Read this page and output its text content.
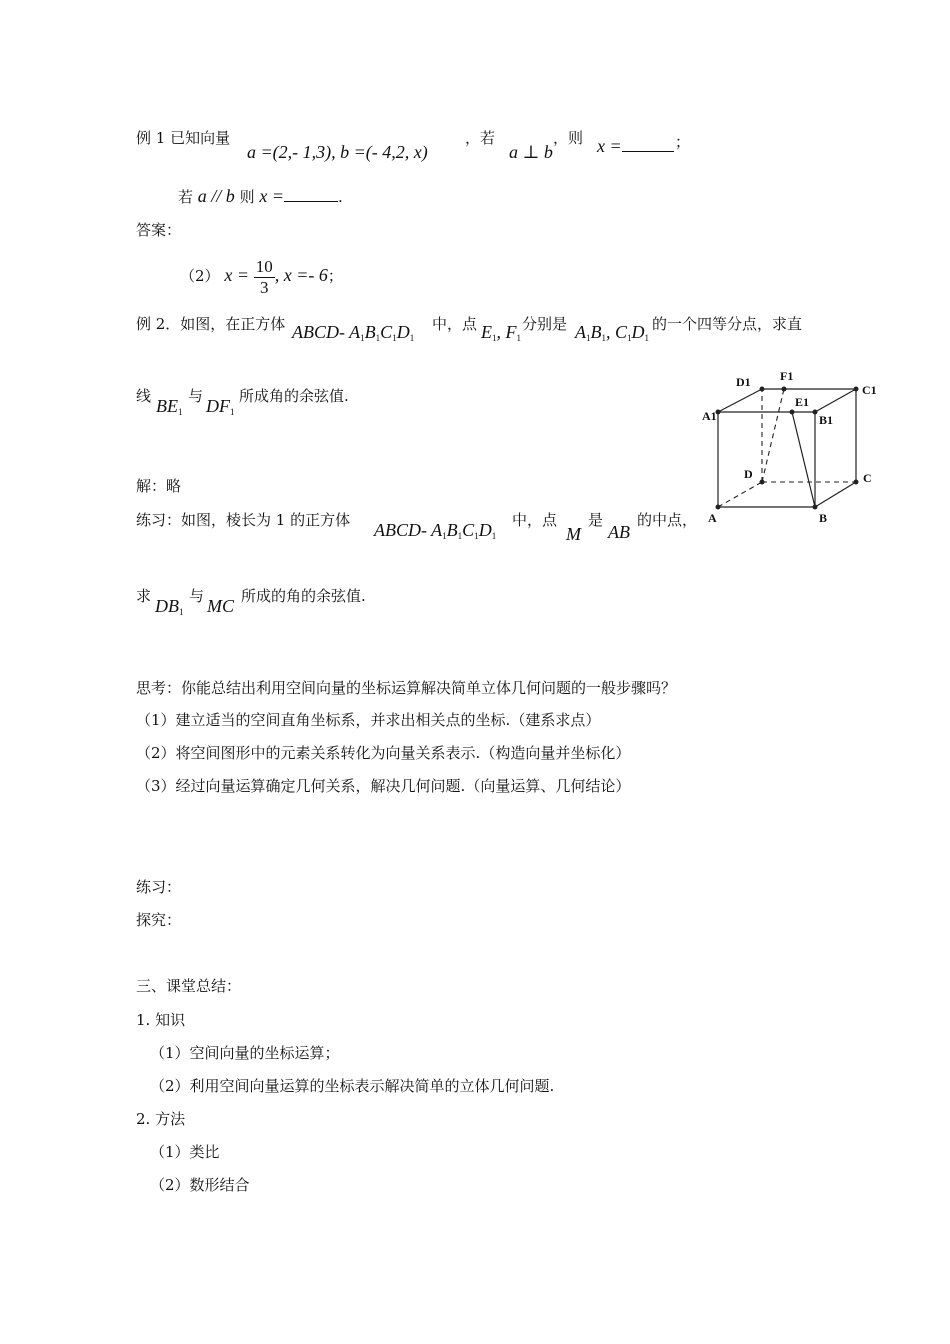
例 1 已知向量
a =(2,- 1,3), b =(- 4,2, x)
，若
a ⊥ b
，则 x =	；
若 a // b 则 x =	.
答案：
（2） $x = \frac{10}{3}$ , x =- 6；
例 2．如图，在正方体 ABCD- $A_1B_1C_1D_1$
中，点 $E_1$, $F_1$
分别是 $A_1B_1$, $C_1D_1$
的一个四等分点，求直
线 $BE_1$
与 $DF_1$
所成角的余弦值.
解：略
练习：如图，棱长为 1 的正方体 ABCD- $A_1B_1C_1D_1$
中，点
M
是
AB
的中点，
求 $DB_1$
与 MC 所成的角的余弦值.
思考：你能总结出利用空间向量的坐标运算解决简单立体几何问题的一般步骤吗？
（1）建立适当的空间直角坐标系，并求出相关点的坐标.（建系求点）
（2）将空间图形中的元素关系转化为向量关系表示.（构造向量并坐标化）
（3）经过向量运算确定几何关系，解决几何问题.（向量运算、几何结论）
练习：
探究：
三、课堂总结：
1. 知识
（1）空间向量的坐标运算；
（2）利用空间向量运算的坐标表示解决简单的立体几何问题.
2. 方法
（1）类比
（2）数形结合
D1 F1
C1
A1
E1
B1
D	C
A	B
